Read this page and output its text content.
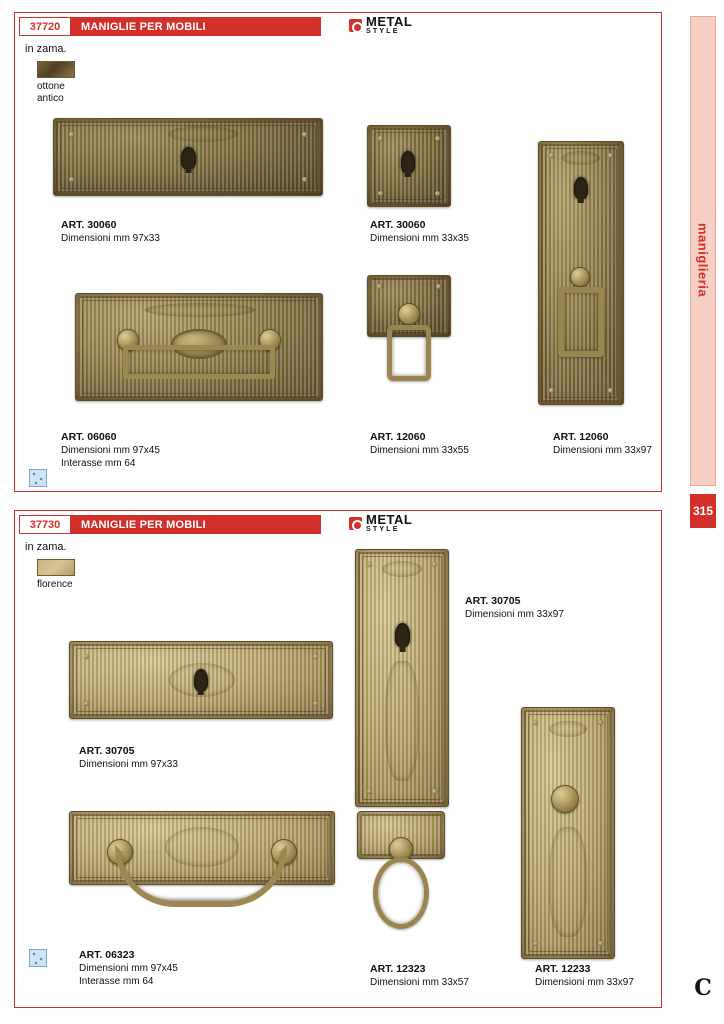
maniglieria
315
C
37720	MANIGLIE PER MOBILI	METAL
STYLE
in zama.
ottone
antico
ART. 30060
Dimensioni mm 97x33
ART. 30060
Dimensioni mm 33x35
ART. 06060
Dimensioni mm 97x45
Interasse mm 64
ART. 12060
Dimensioni mm 33x55
ART. 12060
Dimensioni mm 33x97
37730	MANIGLIE PER MOBILI	METAL
STYLE
in zama.
florence
ART. 30705
Dimensioni mm 33x97
ART. 30705
Dimensioni mm 97x33
ART. 06323
Dimensioni mm 97x45
Interasse mm 64
ART. 12323
Dimensioni mm 33x57
ART. 12233
Dimensioni mm 33x97
